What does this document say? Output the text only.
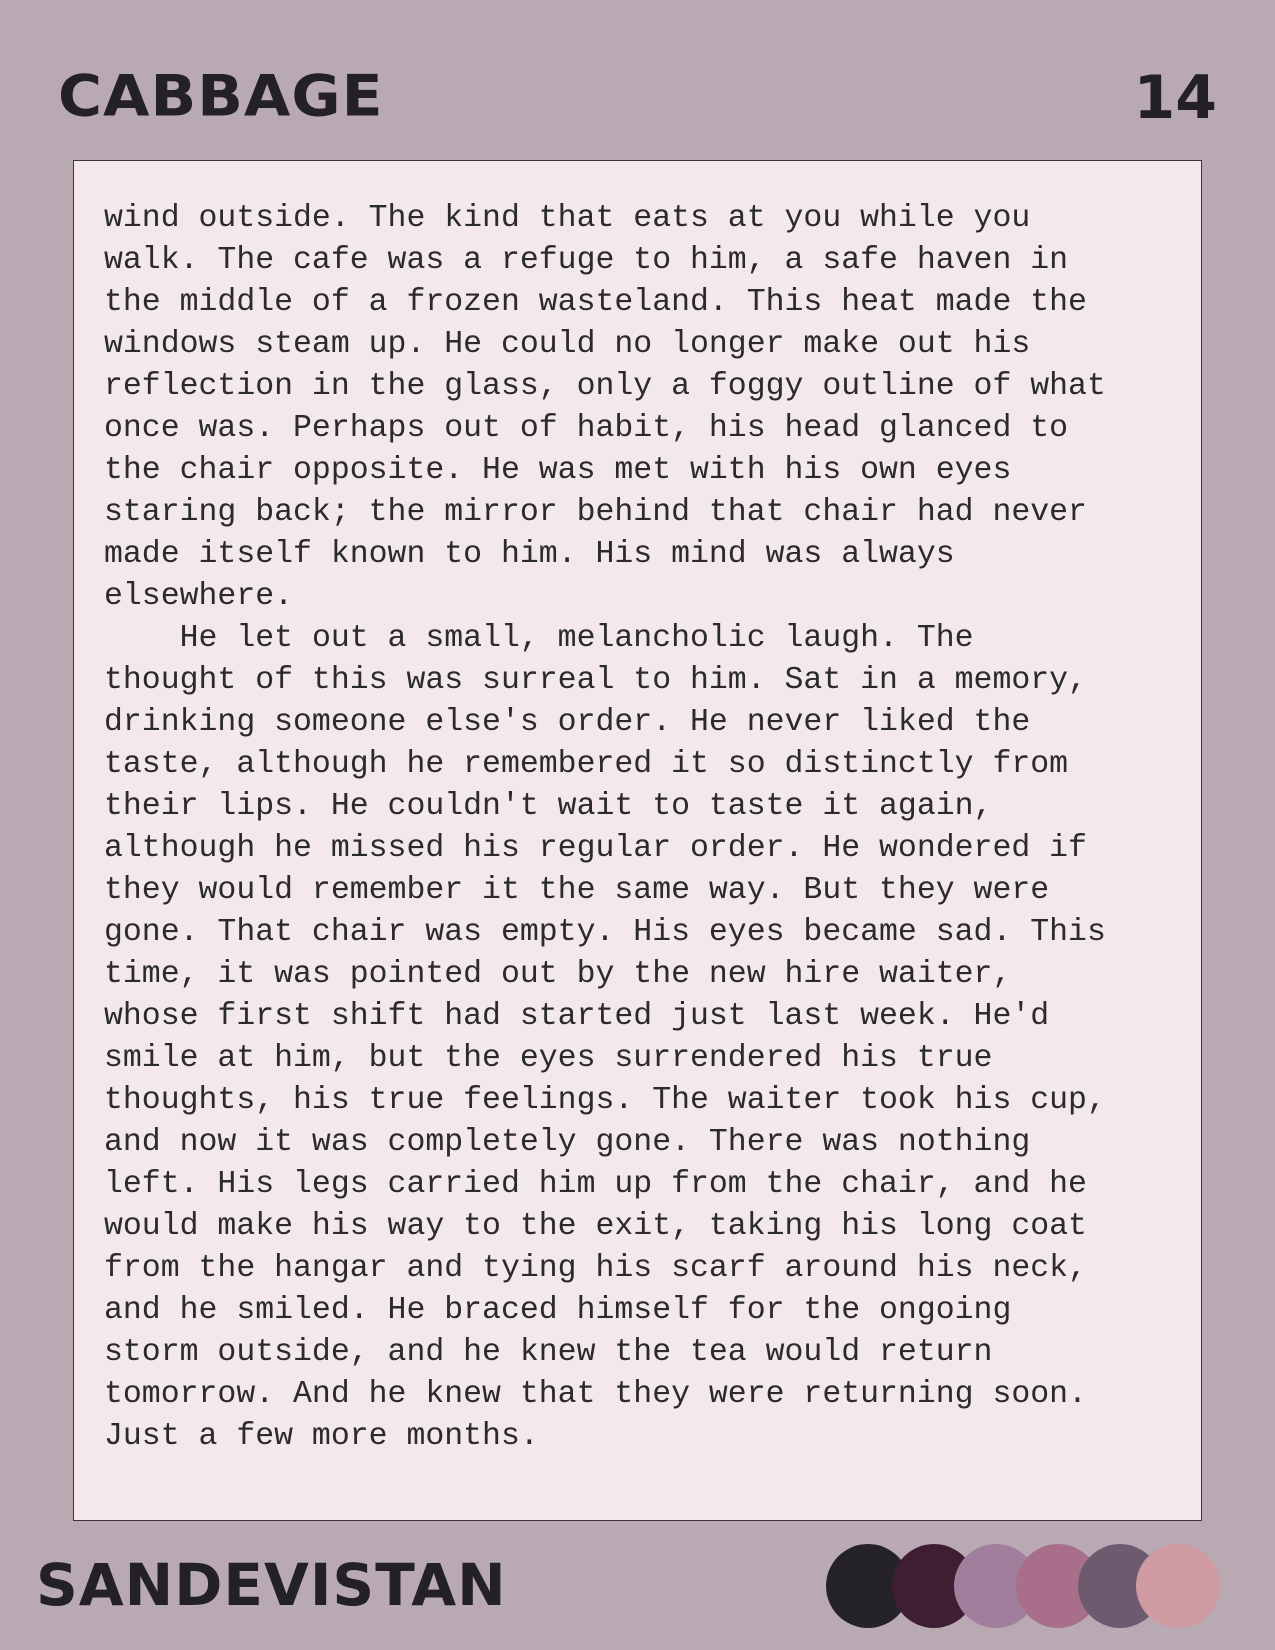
CABBAGE	14

wind outside. The kind that eats at you while you

walk. The cafe was a refuge to him, a safe haven in

the middle of a frozen wasteland. This heat made the

windows steam up. He could no longer make out his

reflection in the glass, only a foggy outline of what

once was. Perhaps out of habit, his head glanced to

the chair opposite. He was met with his own eyes

staring back; the mirror behind that chair had never

made itself known to him. His mind was always

elsewhere.

He let out a small, melancholic laugh. The

thought of this was surreal to him. Sat in a memory,

drinking someone else's order. He never liked the

taste, although he remembered it so distinctly from

their lips. He couldn't wait to taste it again,

although he missed his regular order. He wondered if

they would remember it the same way. But they were

gone. That chair was empty. His eyes became sad. This

time, it was pointed out by the new hire waiter,

whose first shift had started just last week. He'd

smile at him, but the eyes surrendered his true

thoughts, his true feelings. The waiter took his cup,

and now it was completely gone. There was nothing

left. His legs carried him up from the chair, and he

would make his way to the exit, taking his long coat

from the hangar and tying his scarf around his neck,

and he smiled. He braced himself for the ongoing

storm outside, and he knew the tea would return

tomorrow. And he knew that they were returning soon.

Just a few more months.

SANDEVISTAN
